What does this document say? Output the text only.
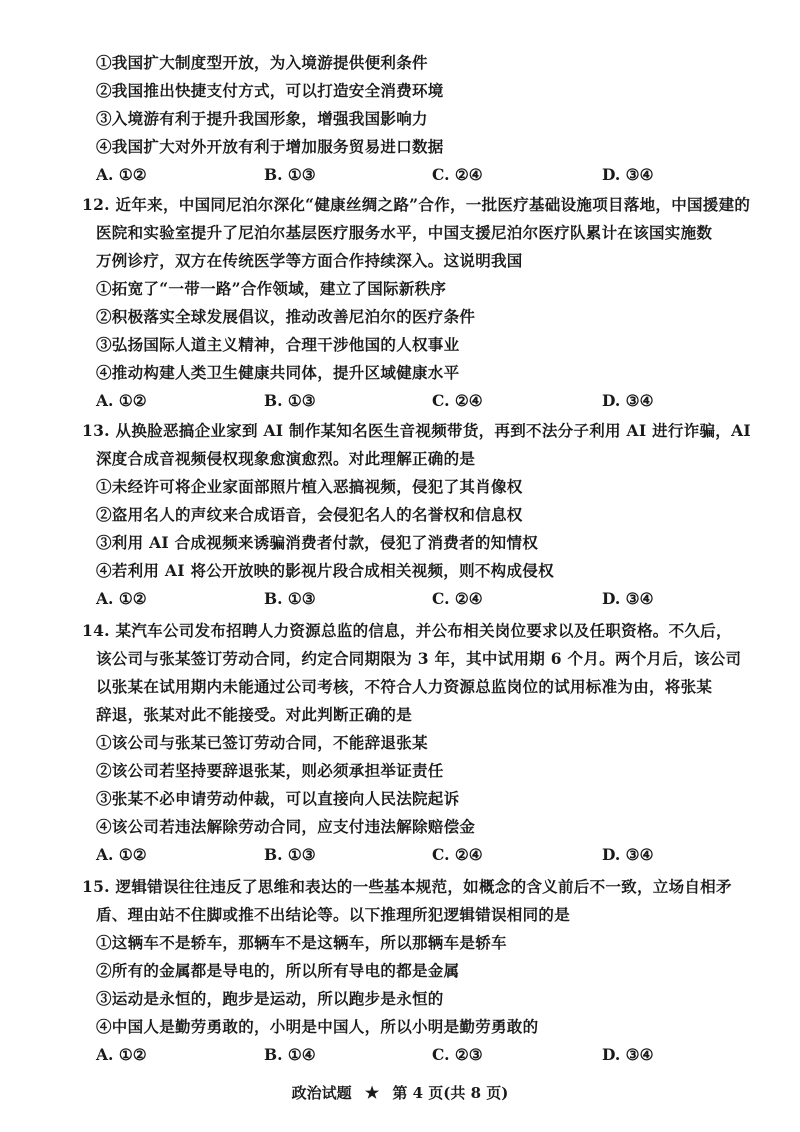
①我国扩大制度型开放，为入境游提供便利条件
②我国推出快捷支付方式，可以打造安全消费环境
③入境游有利于提升我国形象，增强我国影响力
④我国扩大对外开放有利于增加服务贸易进口数据
A. ①②	B. ①③	C. ②④	D. ③④
12. 近年来，中国同尼泊尔深化“健康丝绸之路”合作，一批医疗基础设施项目落地，中国援建的
医院和实验室提升了尼泊尔基层医疗服务水平，中国支援尼泊尔医疗队累计在该国实施数
万例诊疗，双方在传统医学等方面合作持续深入。这说明我国
①拓宽了“一带一路”合作领域，建立了国际新秩序
②积极落实全球发展倡议，推动改善尼泊尔的医疗条件
③弘扬国际人道主义精神，合理干涉他国的人权事业
④推动构建人类卫生健康共同体，提升区域健康水平
A. ①②	B. ①③	C. ②④	D. ③④
13. 从换脸恶搞企业家到 AI 制作某知名医生音视频带货，再到不法分子利用 AI 进行诈骗，AI
深度合成音视频侵权现象愈演愈烈。对此理解正确的是
①未经许可将企业家面部照片植入恶搞视频，侵犯了其肖像权
②盗用名人的声纹来合成语音，会侵犯名人的名誉权和信息权
③利用 AI 合成视频来诱骗消费者付款，侵犯了消费者的知情权
④若利用 AI 将公开放映的影视片段合成相关视频，则不构成侵权
A. ①②	B. ①③	C. ②④	D. ③④
14. 某汽车公司发布招聘人力资源总监的信息，并公布相关岗位要求以及任职资格。不久后，
该公司与张某签订劳动合同，约定合同期限为 3 年，其中试用期 6 个月。两个月后，该公司
以张某在试用期内未能通过公司考核，不符合人力资源总监岗位的试用标准为由，将张某
辞退，张某对此不能接受。对此判断正确的是
①该公司与张某已签订劳动合同，不能辞退张某
②该公司若坚持要辞退张某，则必须承担举证责任
③张某不必申请劳动仲裁，可以直接向人民法院起诉
④该公司若违法解除劳动合同，应支付违法解除赔偿金
A. ①②	B. ①③	C. ②④	D. ③④
15. 逻辑错误往往违反了思维和表达的一些基本规范，如概念的含义前后不一致，立场自相矛
盾、理由站不住脚或推不出结论等。以下推理所犯逻辑错误相同的是
①这辆车不是轿车，那辆车不是这辆车，所以那辆车是轿车
②所有的金属都是导电的，所以所有导电的都是金属
③运动是永恒的，跑步是运动，所以跑步是永恒的
④中国人是勤劳勇敢的，小明是中国人，所以小明是勤劳勇敢的
A. ①②	B. ①④	C. ②③	D. ③④
政治试题 ★ 第 4 页(共 8 页)
